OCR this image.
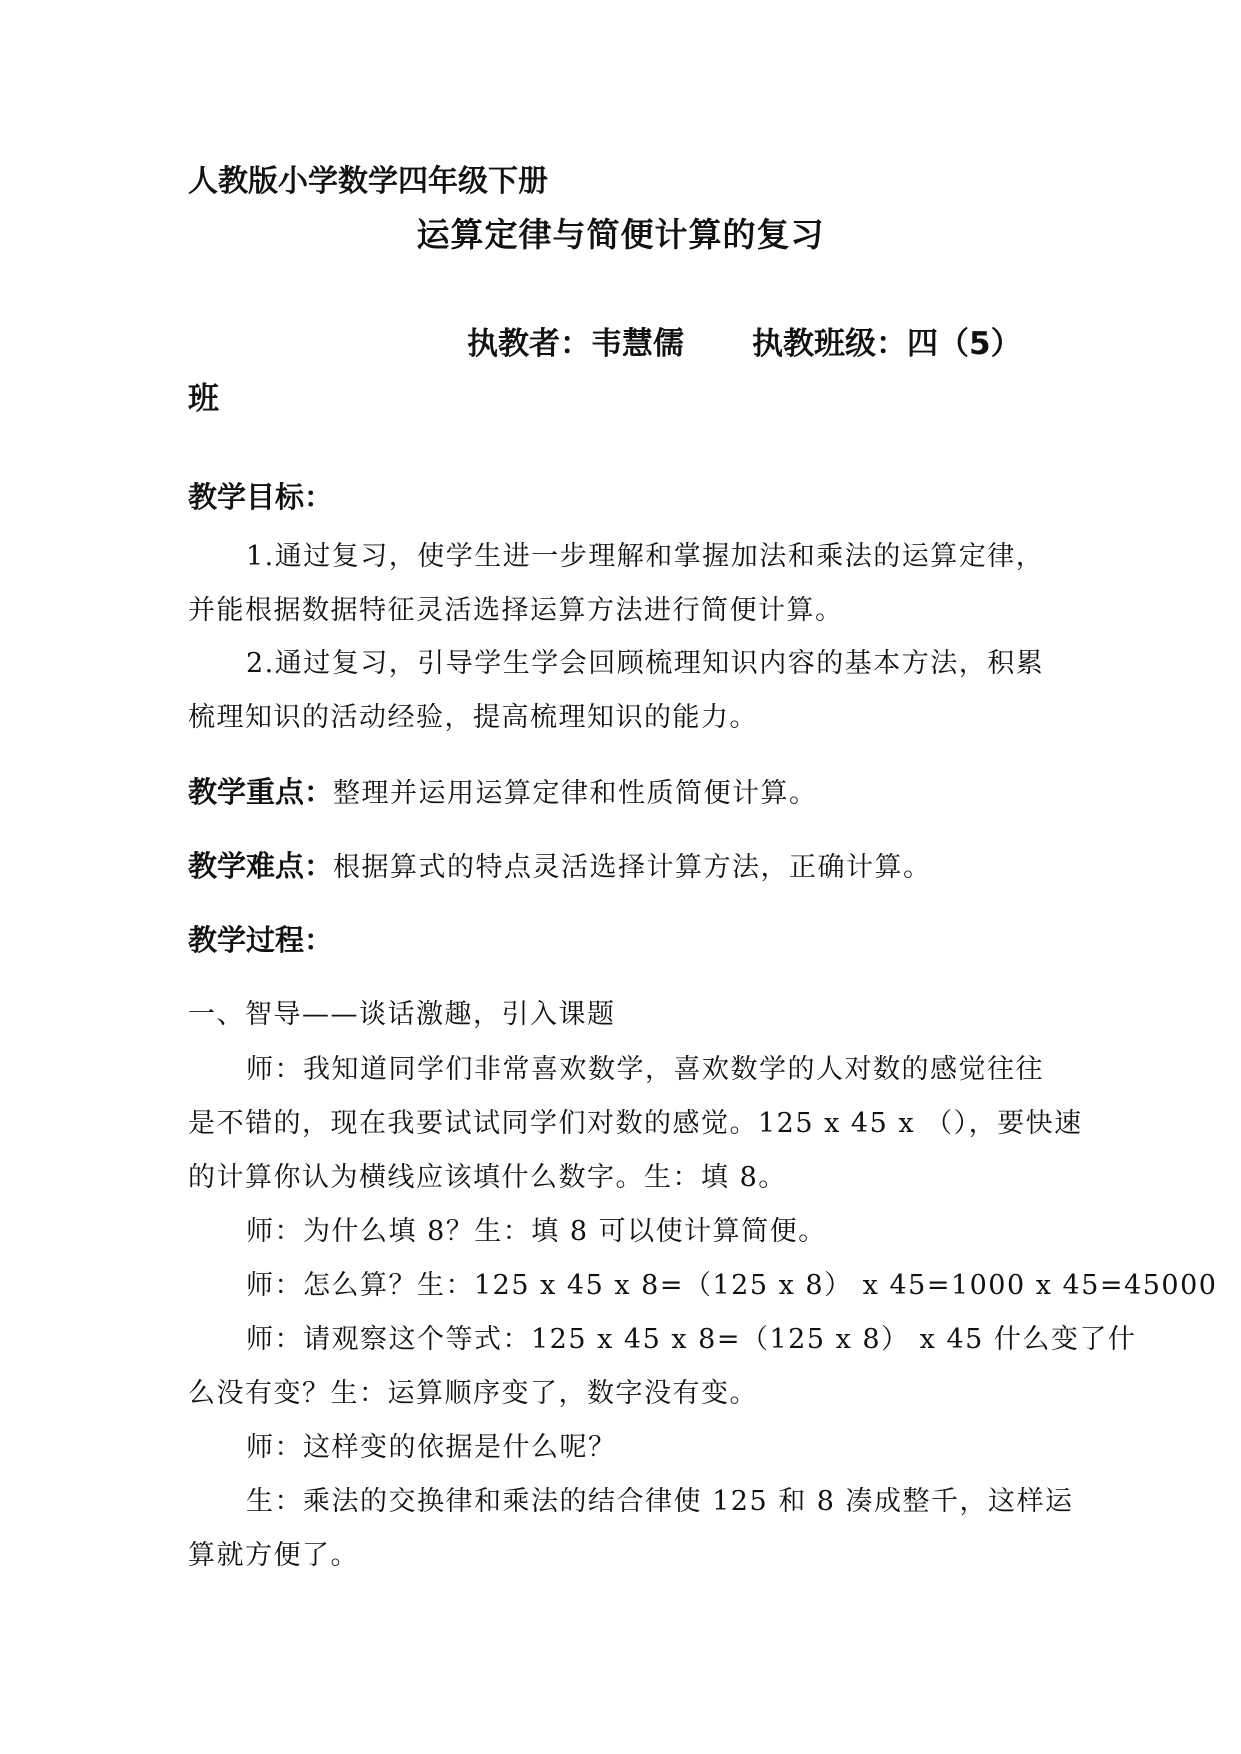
人教版小学数学四年级下册
运算定律与简便计算的复习
执教者：韦慧儒 执教班级：四（5）
班
教学目标：
1.通过复习，使学生进一步理解和掌握加法和乘法的运算定律，
并能根据数据特征灵活选择运算方法进行简便计算。
2.通过复习，引导学生学会回顾梳理知识内容的基本方法，积累
梳理知识的活动经验，提高梳理知识的能力。
教学重点：整理并运用运算定律和性质简便计算。
教学难点：根据算式的特点灵活选择计算方法，正确计算。
教学过程：
一、智导——谈话激趣，引入课题
师：我知道同学们非常喜欢数学，喜欢数学的人对数的感觉往往
是不错的，现在我要试试同学们对数的感觉。125 x 45 x （），要快速
的计算你认为横线应该填什么数字。生：填 8。
师：为什么填 8？生：填 8 可以使计算简便。
师：怎么算？生：125 x 45 x 8=（125 x 8） x 45=1000 x 45=45000
师：请观察这个等式：125 x 45 x 8=（125 x 8） x 45 什么变了什
么没有变？生：运算顺序变了，数字没有变。
师：这样变的依据是什么呢？
生：乘法的交换律和乘法的结合律使 125 和 8 凑成整千，这样运
算就方便了。
